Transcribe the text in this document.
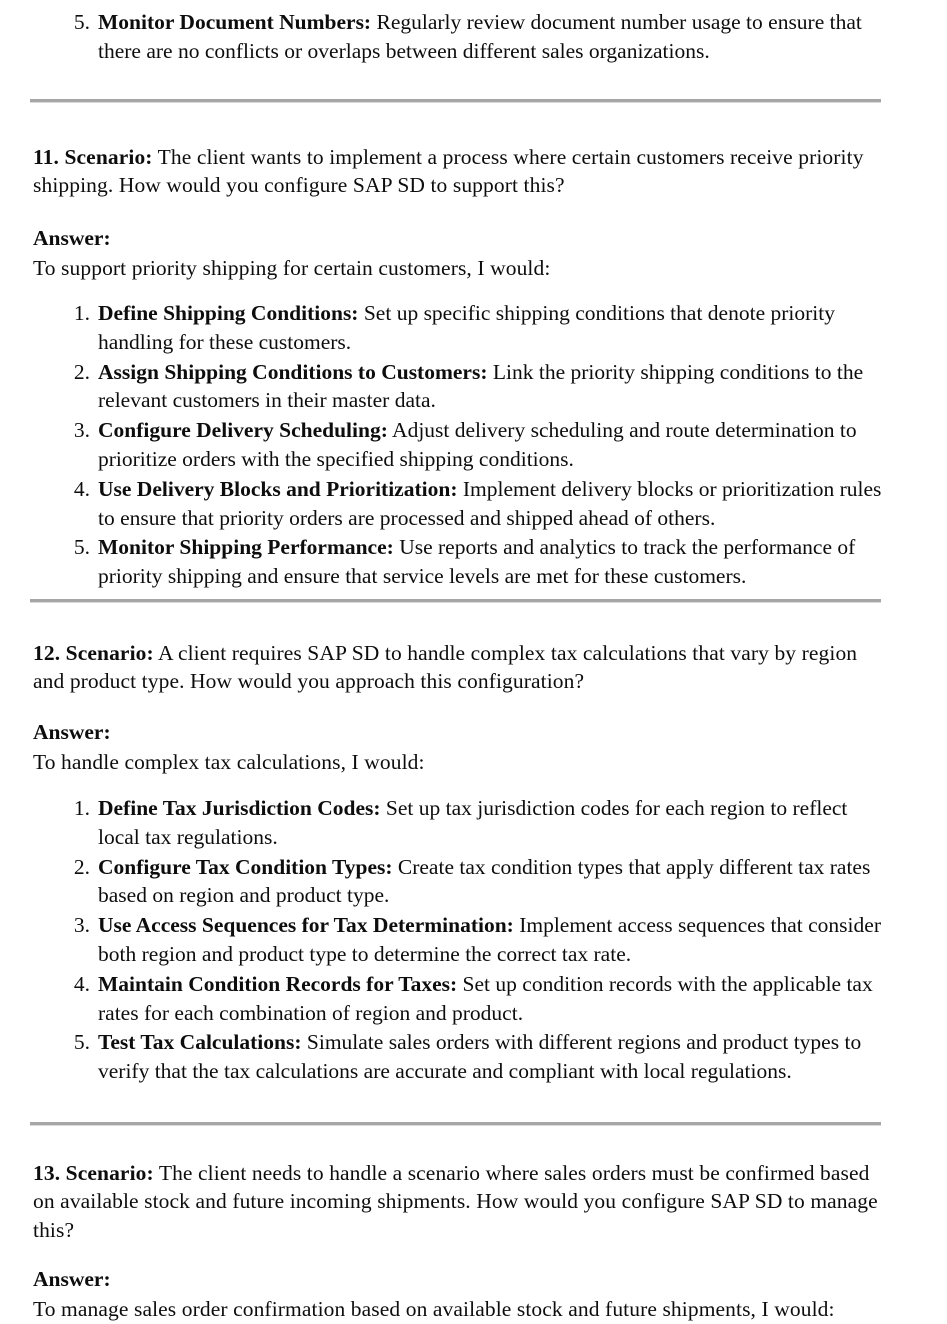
5. Monitor Document Numbers: Regularly review document number usage to ensure that there are no conflicts or overlaps between different sales organizations.

11. Scenario: The client wants to implement a process where certain customers receive priority shipping. How would you configure SAP SD to support this?

Answer:

To support priority shipping for certain customers, I would:

1. Define Shipping Conditions: Set up specific shipping conditions that denote priority handling for these customers.
2. Assign Shipping Conditions to Customers: Link the priority shipping conditions to the relevant customers in their master data.
3. Configure Delivery Scheduling: Adjust delivery scheduling and route determination to prioritize orders with the specified shipping conditions.
4. Use Delivery Blocks and Prioritization: Implement delivery blocks or prioritization rules to ensure that priority orders are processed and shipped ahead of others.
5. Monitor Shipping Performance: Use reports and analytics to track the performance of priority shipping and ensure that service levels are met for these customers.

12. Scenario: A client requires SAP SD to handle complex tax calculations that vary by region and product type. How would you approach this configuration?

Answer:

To handle complex tax calculations, I would:

1. Define Tax Jurisdiction Codes: Set up tax jurisdiction codes for each region to reflect local tax regulations.
2. Configure Tax Condition Types: Create tax condition types that apply different tax rates based on region and product type.
3. Use Access Sequences for Tax Determination: Implement access sequences that consider both region and product type to determine the correct tax rate.
4. Maintain Condition Records for Taxes: Set up condition records with the applicable tax rates for each combination of region and product.
5. Test Tax Calculations: Simulate sales orders with different regions and product types to verify that the tax calculations are accurate and compliant with local regulations.

13. Scenario: The client needs to handle a scenario where sales orders must be confirmed based on available stock and future incoming shipments. How would you configure SAP SD to manage this?

Answer:

To manage sales order confirmation based on available stock and future shipments, I would:
